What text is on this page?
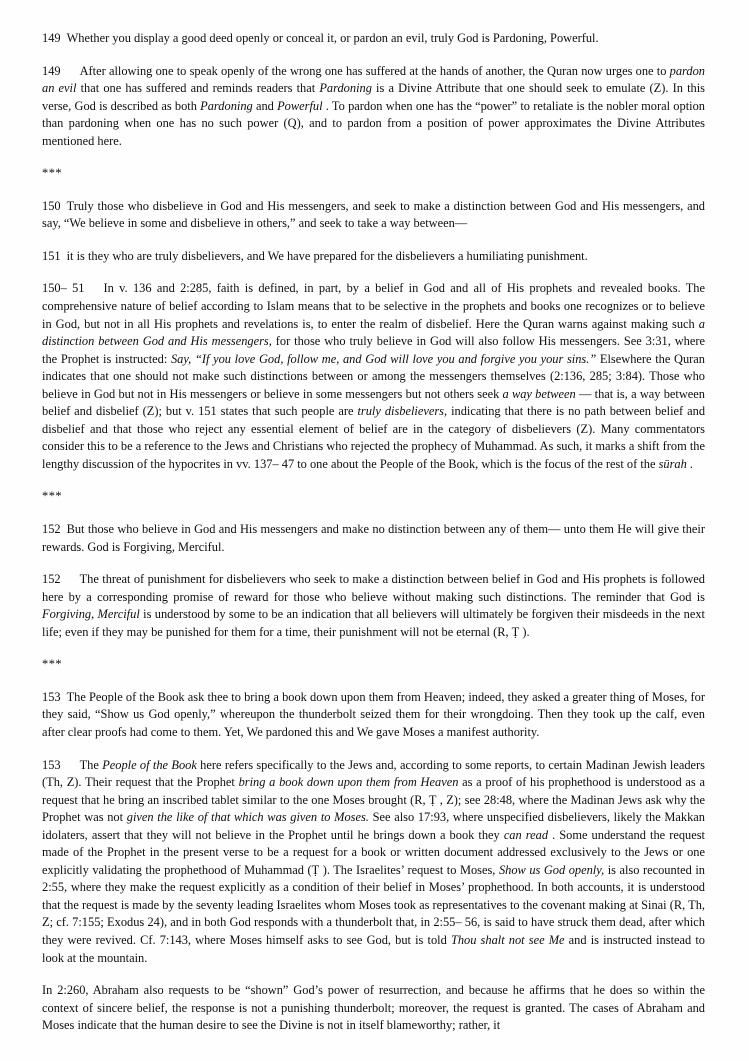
149 Whether you display a good deed openly or conceal it, or pardon an evil, truly God is Pardoning, Powerful.

149 After allowing one to speak openly of the wrong one has suffered at the hands of another, the Quran now urges one to pardon an evil that one has suffered and reminds readers that Pardoning is a Divine Attribute that one should seek to emulate (Z). In this verse, God is described as both Pardoning and Powerful . To pardon when one has the “power” to retaliate is the nobler moral option than pardoning when one has no such power (Q), and to pardon from a position of power approximates the Divine Attributes mentioned here.

***

150 Truly those who disbelieve in God and His messengers, and seek to make a distinction between God and His messengers, and say, “We believe in some and disbelieve in others,” and seek to take a way between—

151 it is they who are truly disbelievers, and We have prepared for the disbelievers a humiliating punishment.

150– 51 In v. 136 and 2:285, faith is defined, in part, by a belief in God and all of His prophets and revealed books. The comprehensive nature of belief according to Islam means that to be selective in the prophets and books one recognizes or to believe in God, but not in all His prophets and revelations is, to enter the realm of disbelief. Here the Quran warns against making such a distinction between God and His messengers, for those who truly believe in God will also follow His messengers. See 3:31, where the Prophet is instructed: Say, “If you love God, follow me, and God will love you and forgive you your sins.” Elsewhere the Quran indicates that one should not make such distinctions between or among the messengers themselves (2:136, 285; 3:84). Those who believe in God but not in His messengers or believe in some messengers but not others seek a way between — that is, a way between belief and disbelief (Z); but v. 151 states that such people are truly disbelievers, indicating that there is no path between belief and disbelief and that those who reject any essential element of belief are in the category of disbelievers (Z). Many commentators consider this to be a reference to the Jews and Christians who rejected the prophecy of Muhammad. As such, it marks a shift from the lengthy discussion of the hypocrites in vv. 137– 47 to one about the People of the Book, which is the focus of the rest of the sūrah .

***

152 But those who believe in God and His messengers and make no distinction between any of them— unto them He will give their rewards. God is Forgiving, Merciful.

152 The threat of punishment for disbelievers who seek to make a distinction between belief in God and His prophets is followed here by a corresponding promise of reward for those who believe without making such distinctions. The reminder that God is Forgiving, Merciful is understood by some to be an indication that all believers will ultimately be forgiven their misdeeds in the next life; even if they may be punished for them for a time, their punishment will not be eternal (R, Ṭ ).

***

153 The People of the Book ask thee to bring a book down upon them from Heaven; indeed, they asked a greater thing of Moses, for they said, “Show us God openly,” whereupon the thunderbolt seized them for their wrongdoing. Then they took up the calf, even after clear proofs had come to them. Yet, We pardoned this and We gave Moses a manifest authority.

153 The People of the Book here refers specifically to the Jews and, according to some reports, to certain Madinan Jewish leaders (Th, Z). Their request that the Prophet bring a book down upon them from Heaven as a proof of his prophethood is understood as a request that he bring an inscribed tablet similar to the one Moses brought (R, Ṭ , Z); see 28:48, where the Madinan Jews ask why the Prophet was not given the like of that which was given to Moses. See also 17:93, where unspecified disbelievers, likely the Makkan idolaters, assert that they will not believe in the Prophet until he brings down a book they can read . Some understand the request made of the Prophet in the present verse to be a request for a book or written document addressed exclusively to the Jews or one explicitly validating the prophethood of Muhammad (Ṭ ). The Israelites’ request to Moses, Show us God openly, is also recounted in 2:55, where they make the request explicitly as a condition of their belief in Moses’ prophethood. In both accounts, it is understood that the request is made by the seventy leading Israelites whom Moses took as representatives to the covenant making at Sinai (R, Th, Z; cf. 7:155; Exodus 24), and in both God responds with a thunderbolt that, in 2:55– 56, is said to have struck them dead, after which they were revived. Cf. 7:143, where Moses himself asks to see God, but is told Thou shalt not see Me and is instructed instead to look at the mountain.

In 2:260, Abraham also requests to be “shown” God’s power of resurrection, and because he affirms that he does so within the context of sincere belief, the response is not a punishing thunderbolt; moreover, the request is granted. The cases of Abraham and Moses indicate that the human desire to see the Divine is not in itself blameworthy; rather, it
